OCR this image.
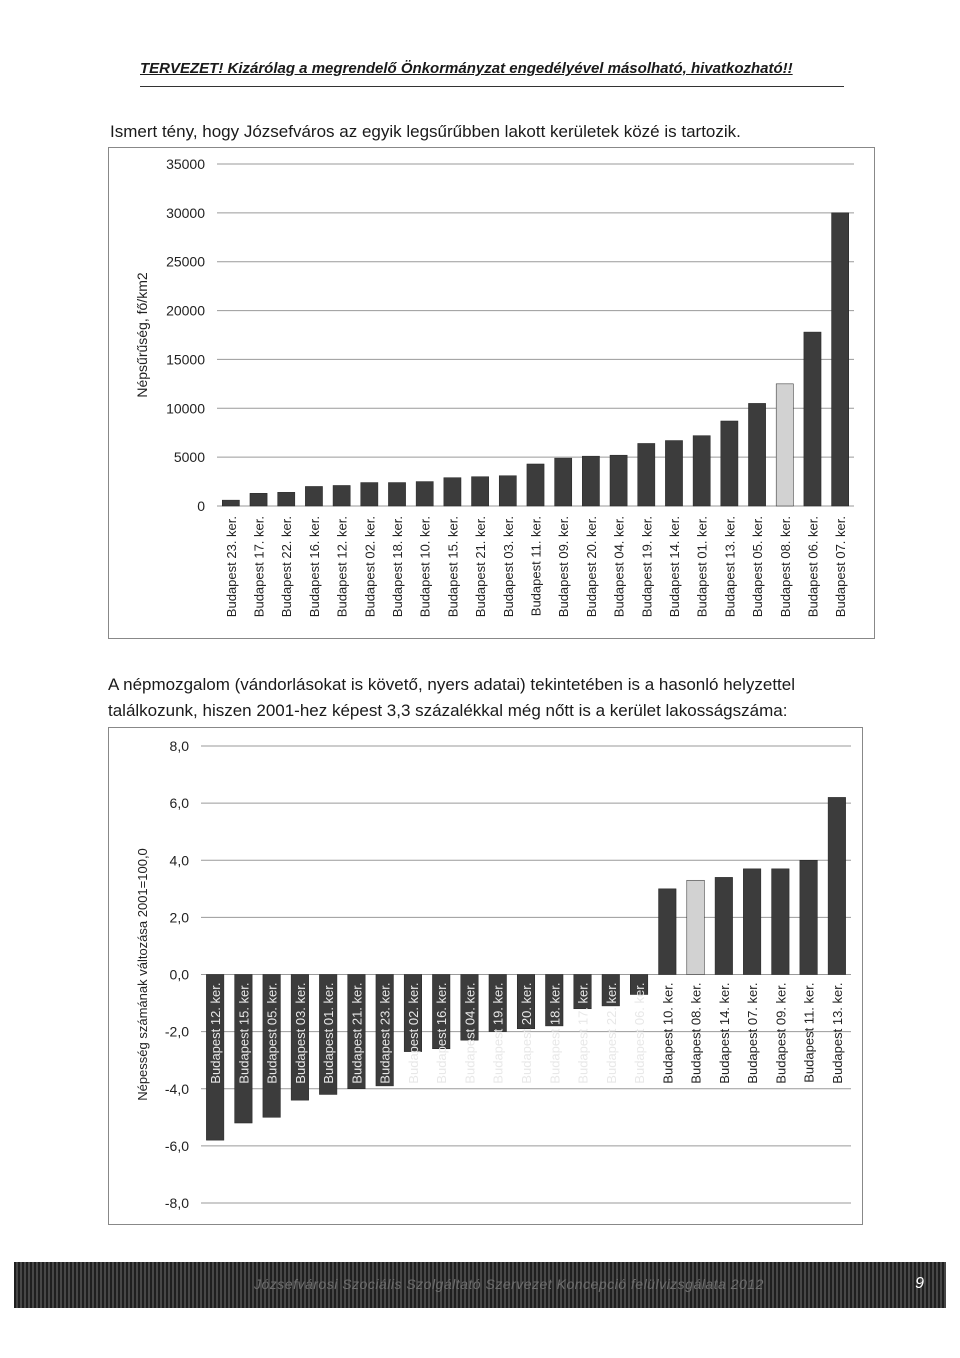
TERVEZET! Kizárólag a megrendelő Önkormányzat engedélyével másolható, hivatkozható!!
Ismert tény, hogy Józsefváros az egyik legsűrűbben lakott kerületek közé is tartozik.
0
5000
10000
15000
20000
25000
30000
35000
Népsűrűség, fő/km2
Budapest 23. ker. Budapest 17. ker. Budapest 22. ker. Budapest 16. ker. Budapest 12. ker. Budapest 02. ker. Budapest 18. ker. Budapest 10. ker. Budapest 15. ker. Budapest 21. ker. Budapest 03. ker. Budapest 11. ker. Budapest 09. ker. Budapest 20. ker. Budapest 04. ker. Budapest 19. ker. Budapest 14. ker. Budapest 01. ker. Budapest 13. ker. Budapest 05. ker. Budapest 08. ker. Budapest 06. ker. Budapest 07. ker.
A népmozgalom (vándorlásokat is követő, nyers adatai) tekintetében is a hasonló helyzettel
találkozunk, hiszen 2001-hez képest 3,3 százalékkal még nőtt is a kerület lakosságszáma:
-8,0
-6,0
-4,0
-2,0
0,0
2,0
4,0
6,0
8,0
Népesség számának változása 2001=100,0	Budapest 12. ker. Budapest 15. ker. Budapest 05. ker. Budapest 03. ker. Budapest 01. ker. Budapest 21. ker. Budapest 23. ker. Budapest 02. ker. Budapest 16. ker. Budapest 04. ker. Budapest 19. ker. Budapest 20. ker. Budapest 18. ker. Budapest 17. ker. Budapest 22. ker. Budapest 06. ker. Budapest 10. ker. Budapest 08. ker. Budapest 14. ker. Budapest 07. ker. Budapest 09. ker. Budapest 11. ker. Budapest 13. ker.
Józsefvárosi Szociális Szolgáltató Szervezet Koncepció felülvizsgálata 2012	9
